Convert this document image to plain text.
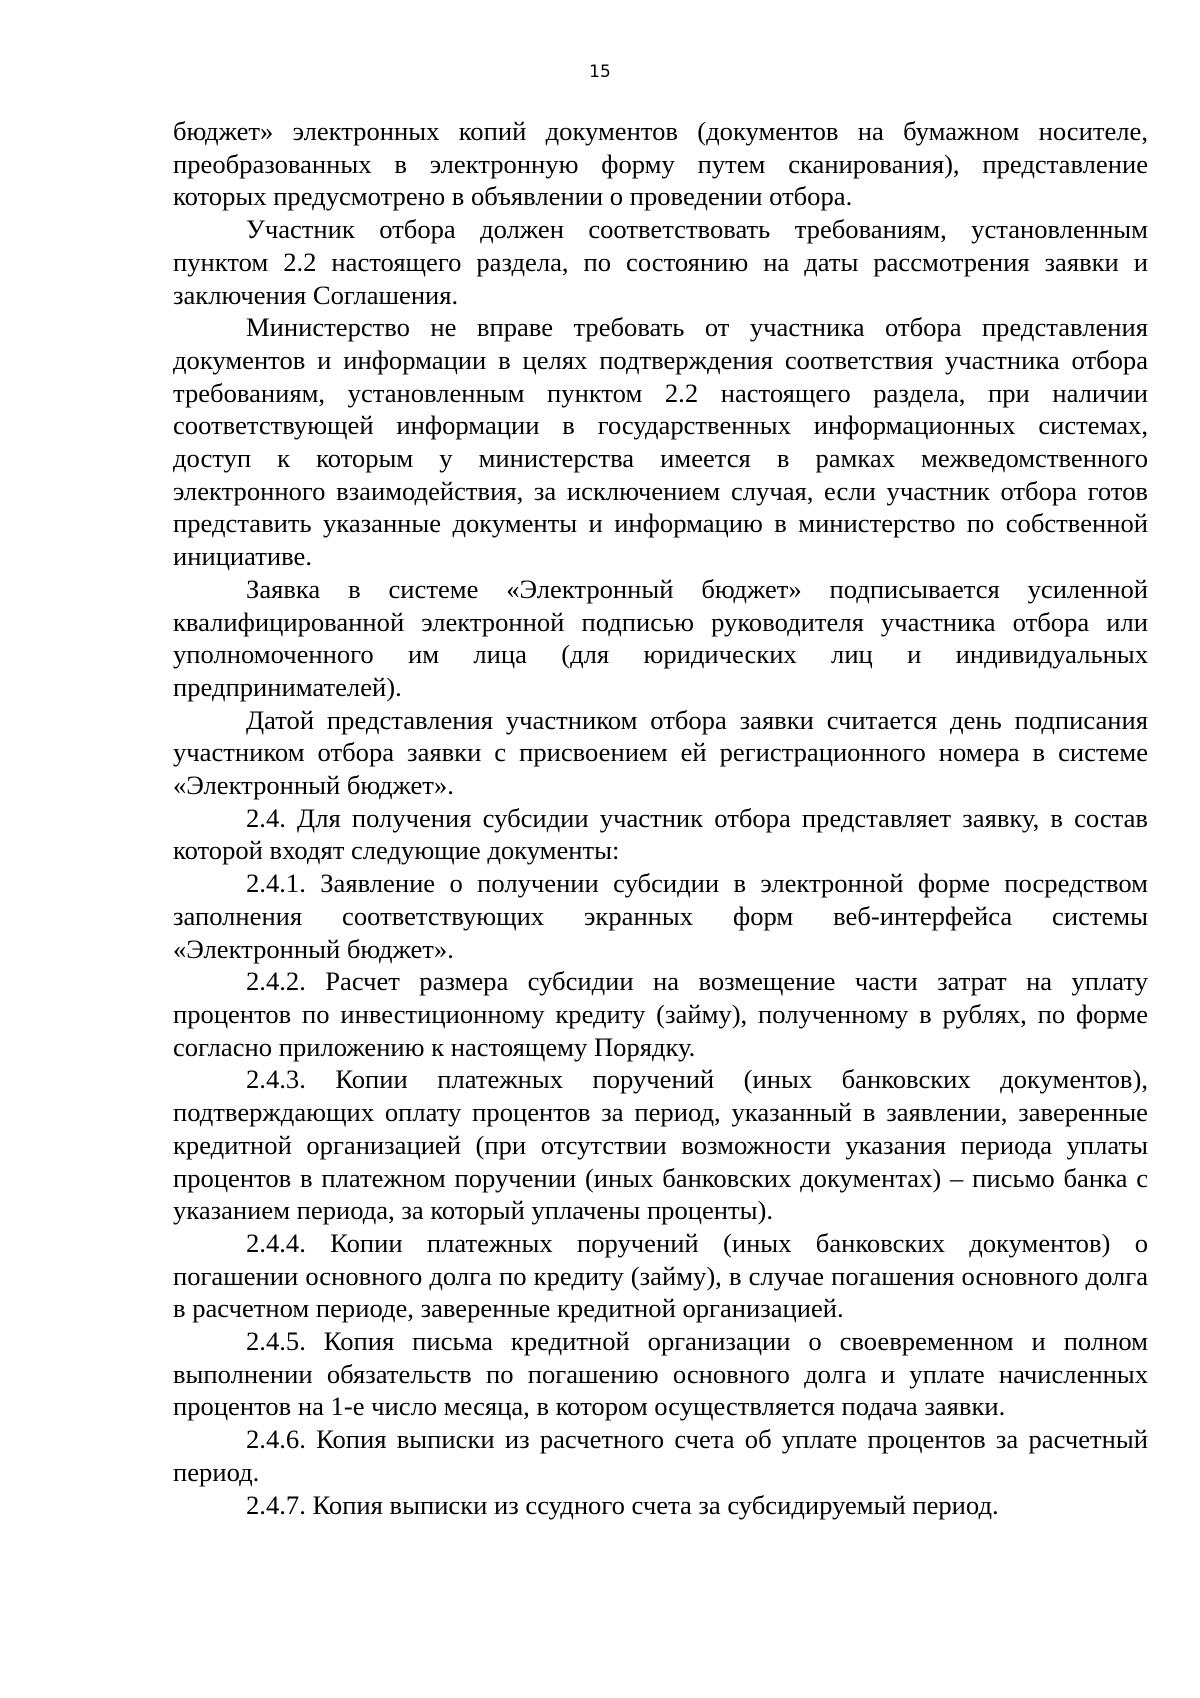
15

бюджет» электронных копий документов (документов на бумажном носителе, преобразованных в электронную форму путем сканирования), представление которых предусмотрено в объявлении о проведении отбора.

Участник отбора должен соответствовать требованиям, установленным пунктом 2.2 настоящего раздела, по состоянию на даты рассмотрения заявки и заключения Соглашения.

Министерство не вправе требовать от участника отбора представления документов и информации в целях подтверждения соответствия участника отбора требованиям, установленным пунктом 2.2 настоящего раздела, при наличии соответствующей информации в государственных информационных системах, доступ к которым у министерства имеется в рамках межведомственного электронного взаимодействия, за исключением случая, если участник отбора готов представить указанные документы и информацию в министерство по собственной инициативе.

Заявка в системе «Электронный бюджет» подписывается усиленной квалифицированной электронной подписью руководителя участника отбора или уполномоченного им лица (для юридических лиц и индивидуальных предпринимателей).

Датой представления участником отбора заявки считается день подписания участником отбора заявки с присвоением ей регистрационного номера в системе «Электронный бюджет».

2.4. Для получения субсидии участник отбора представляет заявку, в состав которой входят следующие документы:

2.4.1. Заявление о получении субсидии в электронной форме посредством заполнения соответствующих экранных форм веб-интерфейса системы «Электронный бюджет».

2.4.2. Расчет размера субсидии на возмещение части затрат на уплату процентов по инвестиционному кредиту (займу), полученному в рублях, по форме согласно приложению к настоящему Порядку.

2.4.3. Копии платежных поручений (иных банковских документов), подтверждающих оплату процентов за период, указанный в заявлении, заверенные кредитной организацией (при отсутствии возможности указания периода уплаты процентов в платежном поручении (иных банковских документах) – письмо банка с указанием периода, за который уплачены проценты).

2.4.4. Копии платежных поручений (иных банковских документов) о погашении основного долга по кредиту (займу), в случае погашения основного долга в расчетном периоде, заверенные кредитной организацией.

2.4.5. Копия письма кредитной организации о своевременном и полном выполнении обязательств по погашению основного долга и уплате начисленных процентов на 1-е число месяца, в котором осуществляется подача заявки.

2.4.6. Копия выписки из расчетного счета об уплате процентов за расчетный период.

2.4.7. Копия выписки из ссудного счета за субсидируемый период.
